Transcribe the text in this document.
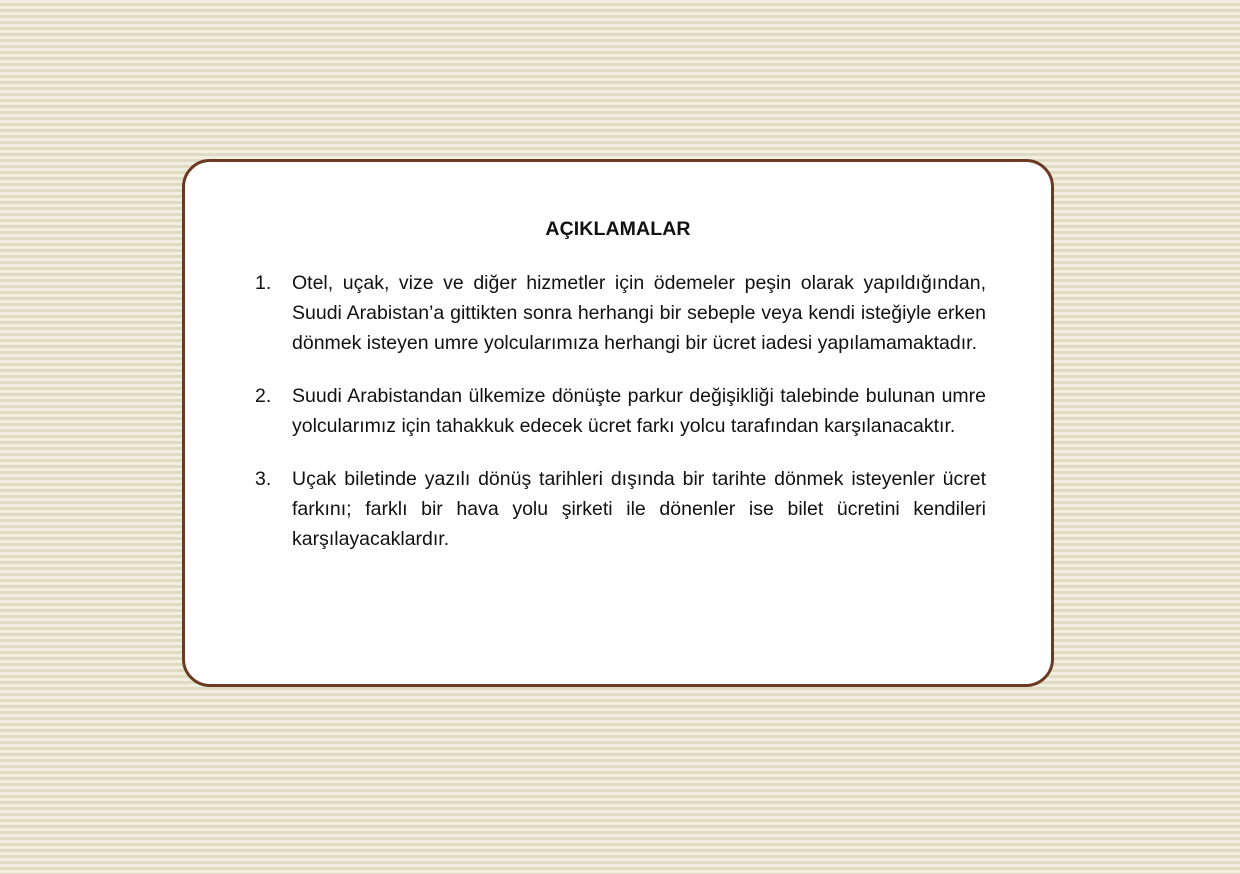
AÇIKLAMALAR
1. Otel, uçak, vize ve diğer hizmetler için ödemeler peşin olarak yapıldığından, Suudi Arabistan’a gittikten sonra herhangi bir sebeple veya kendi isteğiyle erken dönmek isteyen umre yolcularımıza herhangi bir ücret iadesi yapılamamaktadır.
2. Suudi Arabistandan ülkemize dönüşte parkur değişikliği talebinde bulunan umre yolcularımız için tahakkuk edecek ücret farkı yolcu tarafından karşılanacaktır.
3. Uçak biletinde yazılı dönüş tarihleri dışında bir tarihte dönmek isteyenler ücret farkını; farklı bir hava yolu şirketi ile dönenler ise bilet ücretini kendileri karşılayacaklardır.
